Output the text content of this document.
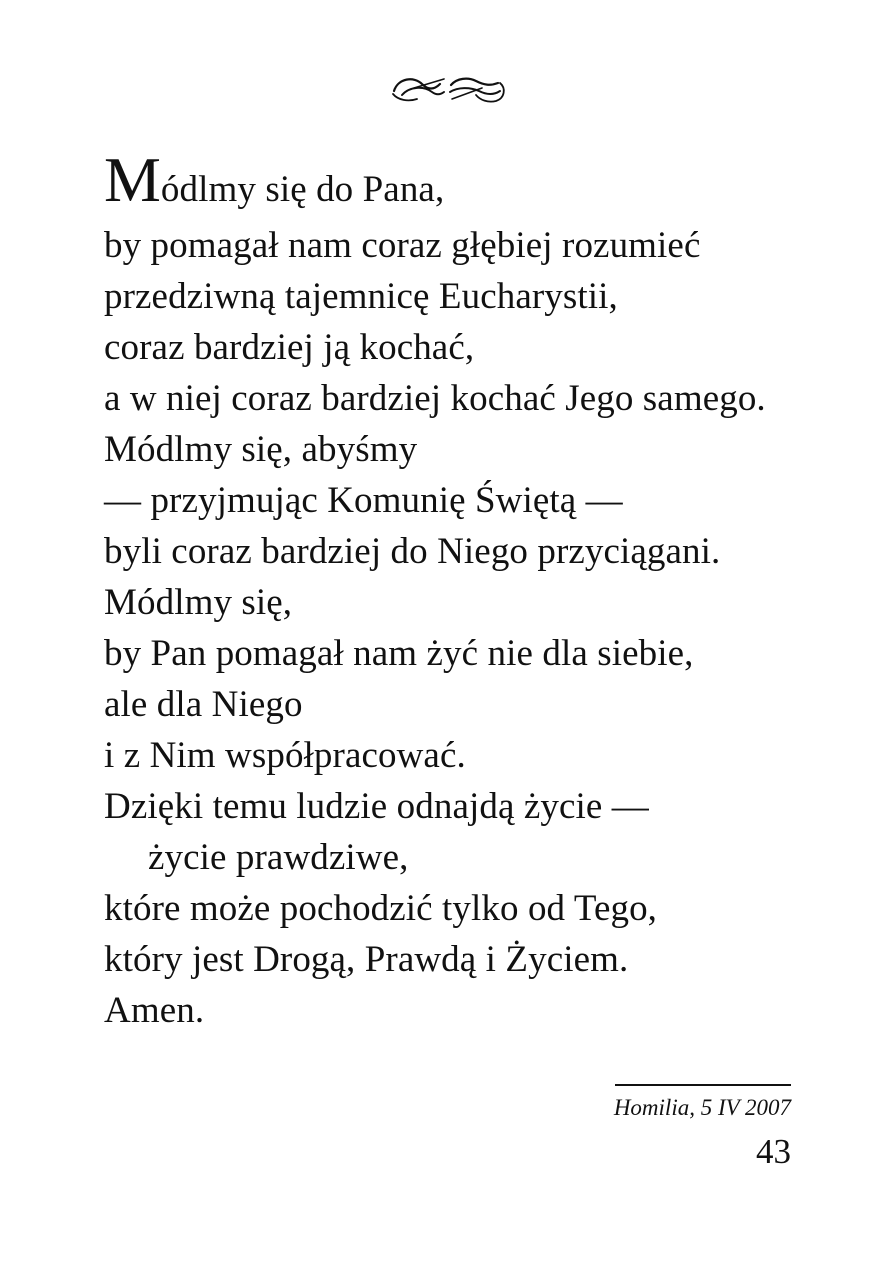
Módlmy się do Pana,
by pomagał nam coraz głębiej rozumieć
przedziwną tajemnicę Eucharystii,
coraz bardziej ją kochać,
a w niej coraz bardziej kochać Jego samego.
Módlmy się, abyśmy
— przyjmując Komunię Świętą —
byli coraz bardziej do Niego przyciągani.
Módlmy się,
by Pan pomagał nam żyć nie dla siebie,
ale dla Niego
i z Nim współpracować.
Dzięki temu ludzie odnajdą życie —
życie prawdziwe,
które może pochodzić tylko od Tego,
który jest Drogą, Prawdą i Życiem.
Amen.
Homilia, 5 IV 2007
43
